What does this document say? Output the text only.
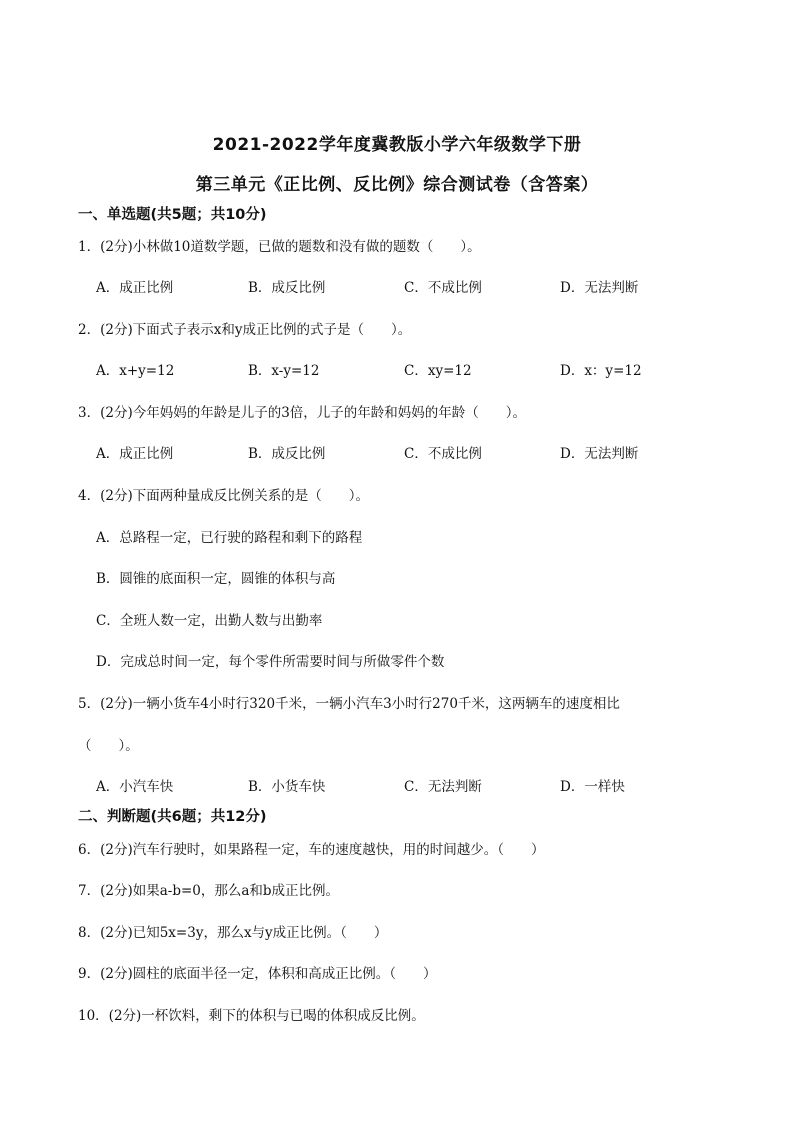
2021-2022学年度冀教版小学六年级数学下册
第三单元《正比例、反比例》综合测试卷（含答案）
一、单选题(共5题；共10分)
1．(2分)小林做10道数学题，已做的题数和没有做的题数（　　）。
A．成正比例	B．成反比例	C．不成比例	D．无法判断
2．(2分)下面式子表示x和y成正比例的式子是（　　）。
A．x+y=12	B．x-y=12	C．xy=12	D．x：y=12
3．(2分)今年妈妈的年龄是儿子的3倍，儿子的年龄和妈妈的年龄（　　）。
A．成正比例	B．成反比例	C．不成比例	D．无法判断
4．(2分)下面两种量成反比例关系的是（　　）。
A．总路程一定，已行驶的路程和剩下的路程
B．圆锥的底面积一定，圆锥的体积与高
C．全班人数一定，出勤人数与出勤率
D．完成总时间一定，每个零件所需要时间与所做零件个数
5．(2分)一辆小货车4小时行320千米，一辆小汽车3小时行270千米，这两辆车的速度相比
（　　）。
A．小汽车快	B．小货车快	C．无法判断	D．一样快
二、判断题(共6题；共12分)
6．(2分)汽车行驶时，如果路程一定，车的速度越快，用的时间越少。（　　）
7．(2分)如果a-b=0，那么a和b成正比例。
8．(2分)已知5x=3y，那么x与y成正比例。（　　）
9．(2分)圆柱的底面半径一定，体积和高成正比例。（　　）
10．(2分)一杯饮料，剩下的体积与已喝的体积成反比例。
